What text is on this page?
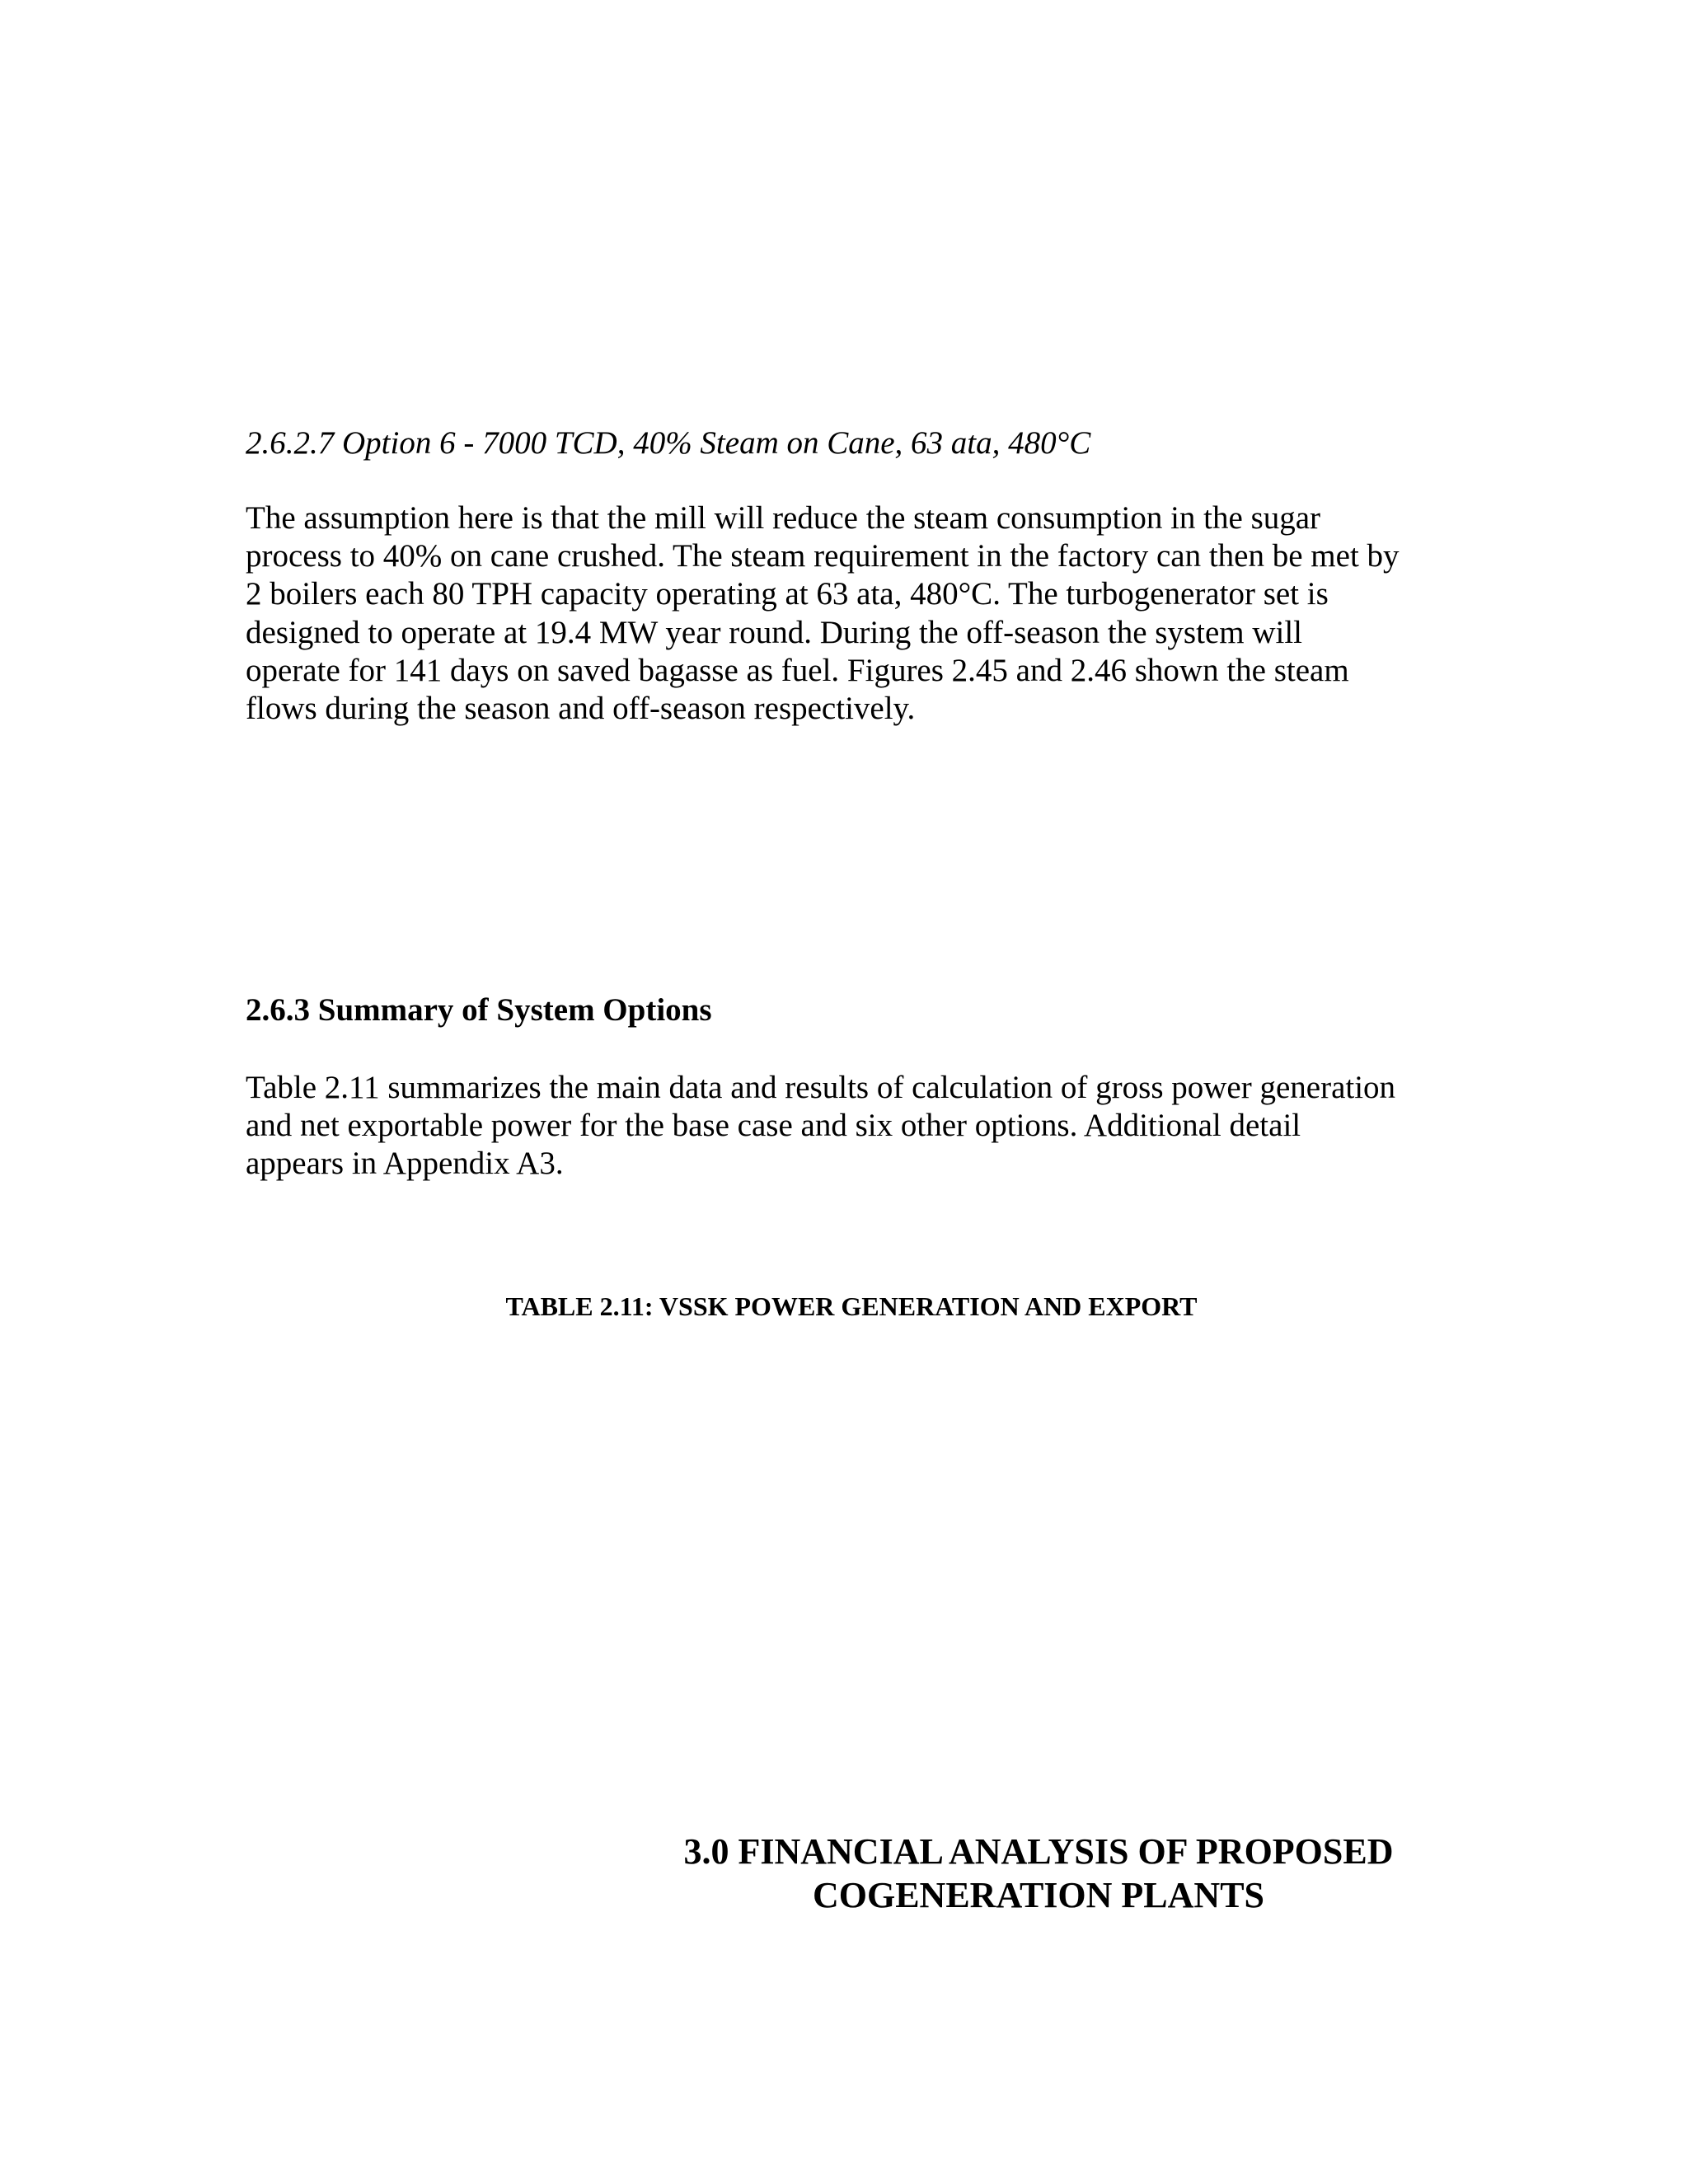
2.6.2.7 Option 6 - 7000 TCD, 40% Steam on Cane, 63 ata, 480°C

The assumption here is that the mill will reduce the steam consumption in the sugar
process to 40% on cane crushed. The steam requirement in the factory can then be met by
2 boilers each 80 TPH capacity operating at 63 ata, 480°C. The turbogenerator set is
designed to operate at 19.4 MW year round. During the off-season the system will
operate for 141 days on saved bagasse as fuel. Figures 2.45 and 2.46 shown the steam
flows during the season and off-season respectively.

2.6.3 Summary of System Options

Table 2.11 summarizes the main data and results of calculation of gross power generation
and net exportable power for the base case and six other options. Additional detail
appears in Appendix A3.

TABLE 2.11: VSSK POWER GENERATION AND EXPORT

3.0 FINANCIAL ANALYSIS OF PROPOSED
COGENERATION PLANTS
